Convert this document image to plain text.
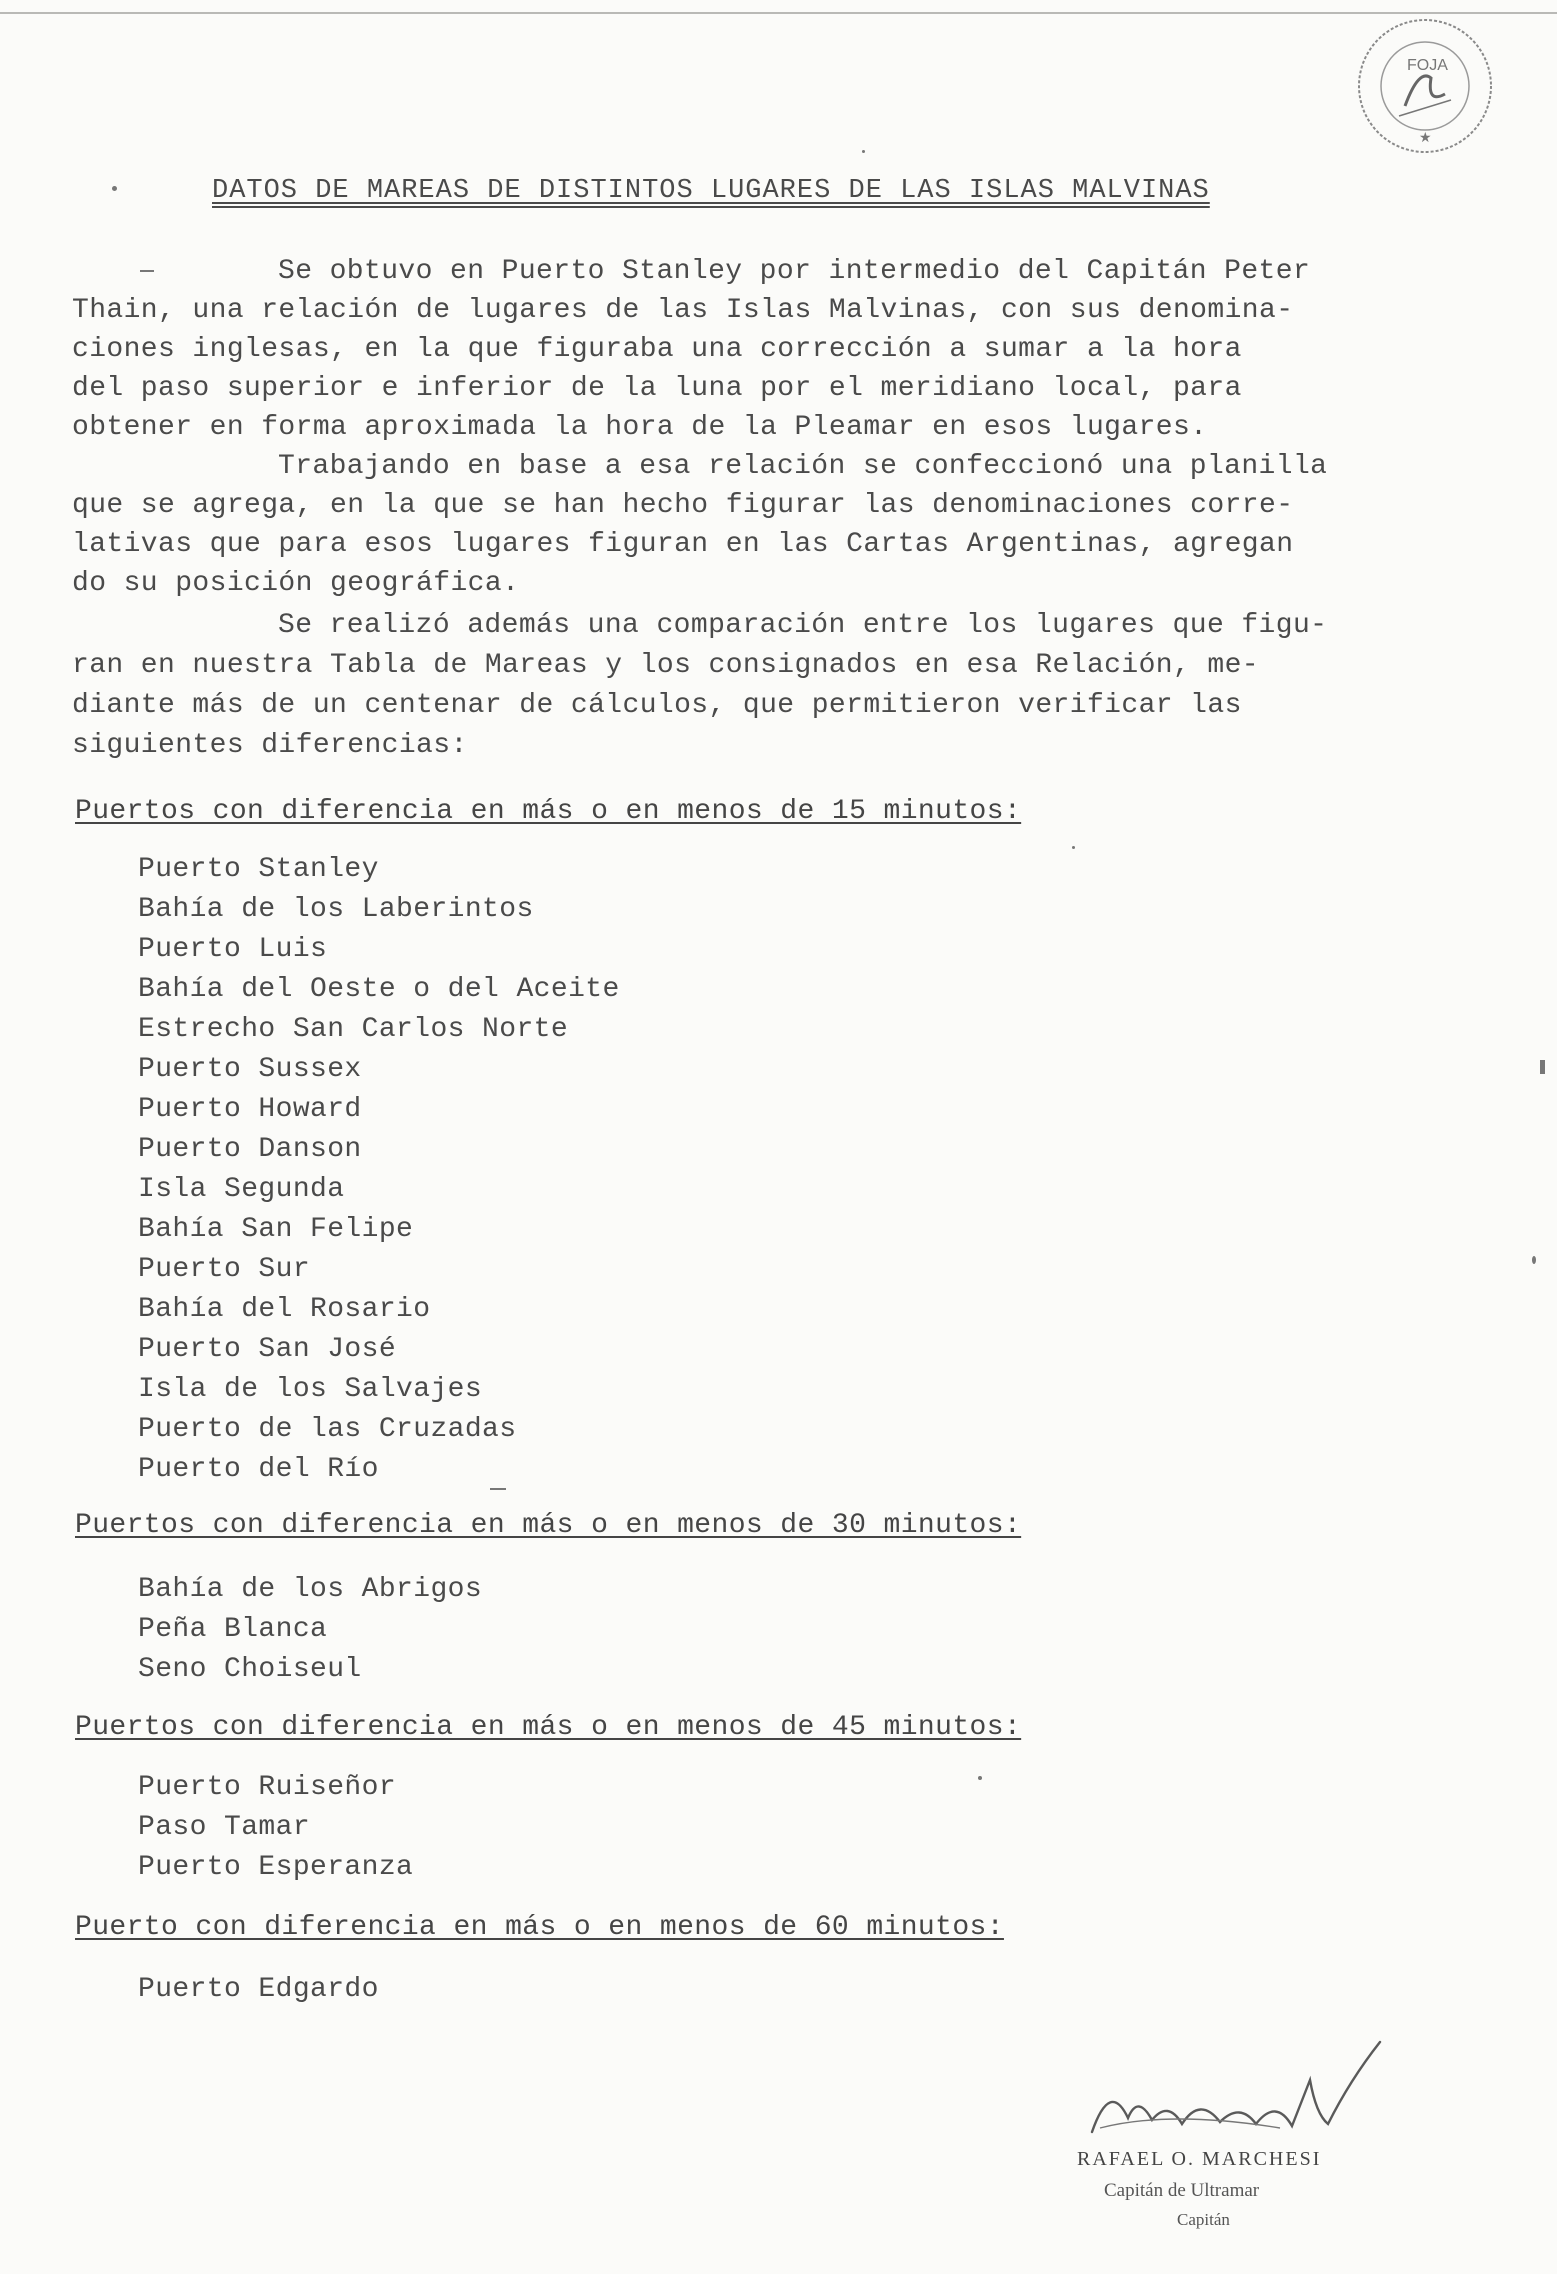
FOJA
★
DATOS DE MAREAS DE DISTINTOS LUGARES DE LAS ISLAS MALVINAS
Se obtuvo en Puerto Stanley por intermedio del Capitán Peter
Thain, una relación de lugares de las Islas Malvinas, con sus denomina-
ciones inglesas, en la que figuraba una corrección a sumar a la hora
del paso superior e inferior de la luna por el meridiano local, para
obtener en forma aproximada la hora de la Pleamar en esos lugares.
Trabajando en base a esa relación se confeccionó una planilla
que se agrega, en la que se han hecho figurar las denominaciones corre-
lativas que para esos lugares figuran en las Cartas Argentinas, agregan
do su posición geográfica.
Se realizó además una comparación entre los lugares que figu-
ran en nuestra Tabla de Mareas y los consignados en esa Relación, me-
diante más de un centenar de cálculos, que permitieron verificar las
siguientes diferencias:
Puertos con diferencia en más o en menos de 15 minutos:
Puerto Stanley
Bahía de los Laberintos
Puerto Luis
Bahía del Oeste o del Aceite
Estrecho San Carlos Norte
Puerto Sussex
Puerto Howard
Puerto Danson
Isla Segunda
Bahía San Felipe
Puerto Sur
Bahía del Rosario
Puerto San José
Isla de los Salvajes
Puerto de las Cruzadas
Puerto del Río
Puertos con diferencia en más o en menos de 30 minutos:
Bahía de los Abrigos
Peña Blanca
Seno Choiseul
Puertos con diferencia en más o en menos de 45 minutos:
Puerto Ruiseñor
Paso Tamar
Puerto Esperanza
Puerto con diferencia en más o en menos de 60 minutos:
Puerto Edgardo
RAFAEL O. MARCHESI
Capitán de Ultramar
Capitán
